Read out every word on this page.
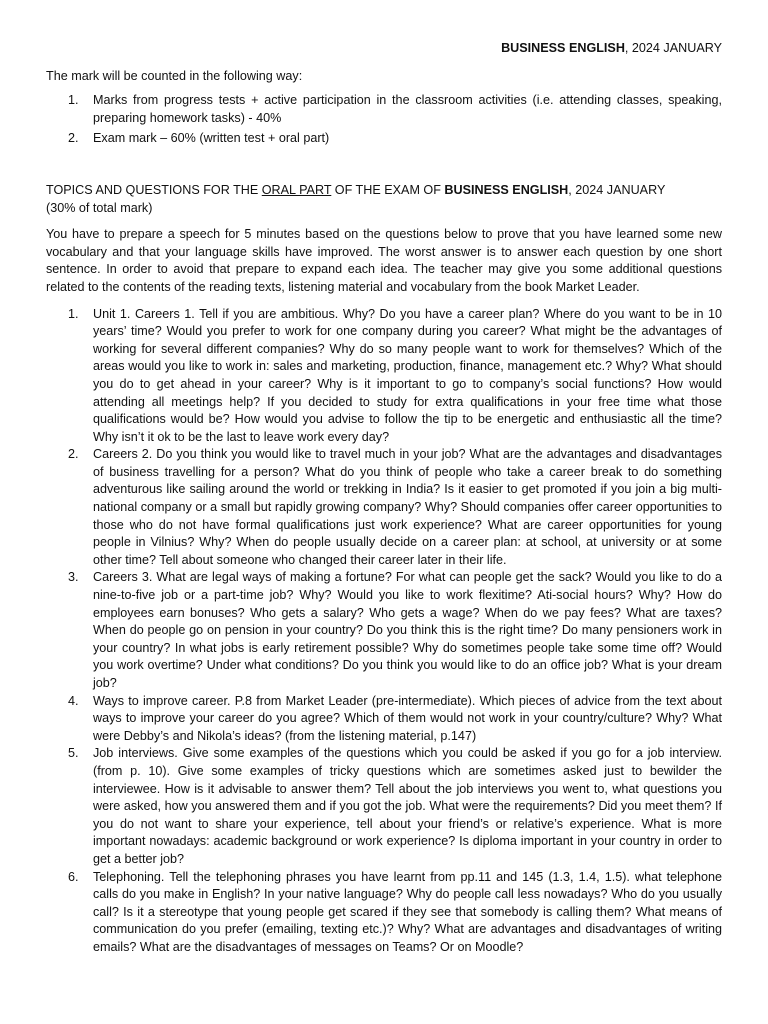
BUSINESS ENGLISH, 2024 JANUARY

The mark will be counted in the following way:

1. Marks from progress tests + active participation in the classroom activities (i.e. attending classes, speaking, preparing homework tasks) - 40%
2. Exam mark – 60% (written test + oral part)

TOPICS AND QUESTIONS FOR THE ORAL PART OF THE EXAM OF BUSINESS ENGLISH, 2024 JANUARY

(30% of total mark)

You have to prepare a speech for 5 minutes based on the questions below to prove that you have learned some new vocabulary and that your language skills have improved. The worst answer is to answer each question by one short sentence. In order to avoid that prepare to expand each idea. The teacher may give you some additional questions related to the contents of the reading texts, listening material and vocabulary from the book Market Leader.

1. Unit 1. Careers 1. Tell if you are ambitious. Why? Do you have a career plan? Where do you want to be in 10 years’ time? Would you prefer to work for one company during you career? What might be the advantages of working for several different companies? Why do so many people want to work for themselves? Which of the areas would you like to work in: sales and marketing, production, finance, management etc.? Why? What should you do to get ahead in your career? Why is it important to go to company’s social functions? How would attending all meetings help? If you decided to study for extra qualifications in your free time what those qualifications would be? How would you advise to follow the tip to be energetic and enthusiastic all the time? Why isn’t it ok to be the last to leave work every day?
2. Careers 2. Do you think you would like to travel much in your job? What are the advantages and disadvantages of business travelling for a person? What do you think of people who take a career break to do something adventurous like sailing around the world or trekking in India? Is it easier to get promoted if you join a big multi-national company or a small but rapidly growing company? Why? Should companies offer career opportunities to those who do not have formal qualifications just work experience? What are career opportunities for young people in Vilnius? Why? When do people usually decide on a career plan: at school, at university or at some other time? Tell about someone who changed their career later in their life.
3. Careers 3. What are legal ways of making a fortune? For what can people get the sack? Would you like to do a nine-to-five job or a part-time job? Why? Would you like to work flexitime? Ati-social hours? Why? How do employees earn bonuses? Who gets a salary? Who gets a wage? When do we pay fees? What are taxes? When do people go on pension in your country? Do you think this is the right time? Do many pensioners work in your country? In what jobs is early retirement possible? Why do sometimes people take some time off? Would you work overtime? Under what conditions? Do you think you would like to do an office job? What is your dream job?
4. Ways to improve career. P.8 from Market Leader (pre-intermediate). Which pieces of advice from the text about ways to improve your career do you agree? Which of them would not work in your country/culture? Why? What were Debby’s and Nikola’s ideas? (from the listening material, p.147)
5. Job interviews. Give some examples of the questions which you could be asked if you go for a job interview. (from p. 10). Give some examples of tricky questions which are sometimes asked just to bewilder the interviewee. How is it advisable to answer them? Tell about the job interviews you went to, what questions you were asked, how you answered them and if you got the job. What were the requirements? Did you meet them? If you do not want to share your experience, tell about your friend’s or relative’s experience. What is more important nowadays: academic background or work experience? Is diploma important in your country in order to get a better job?
6. Telephoning. Tell the telephoning phrases you have learnt from pp.11 and 145 (1.3, 1.4, 1.5). what telephone calls do you make in English? In your native language? Why do people call less nowadays? Who do you usually call? Is it a stereotype that young people get scared if they see that somebody is calling them? What means of communication do you prefer (emailing, texting etc.)? Why? What are advantages and disadvantages of writing emails? What are the disadvantages of messages on Teams? Or on Moodle?
